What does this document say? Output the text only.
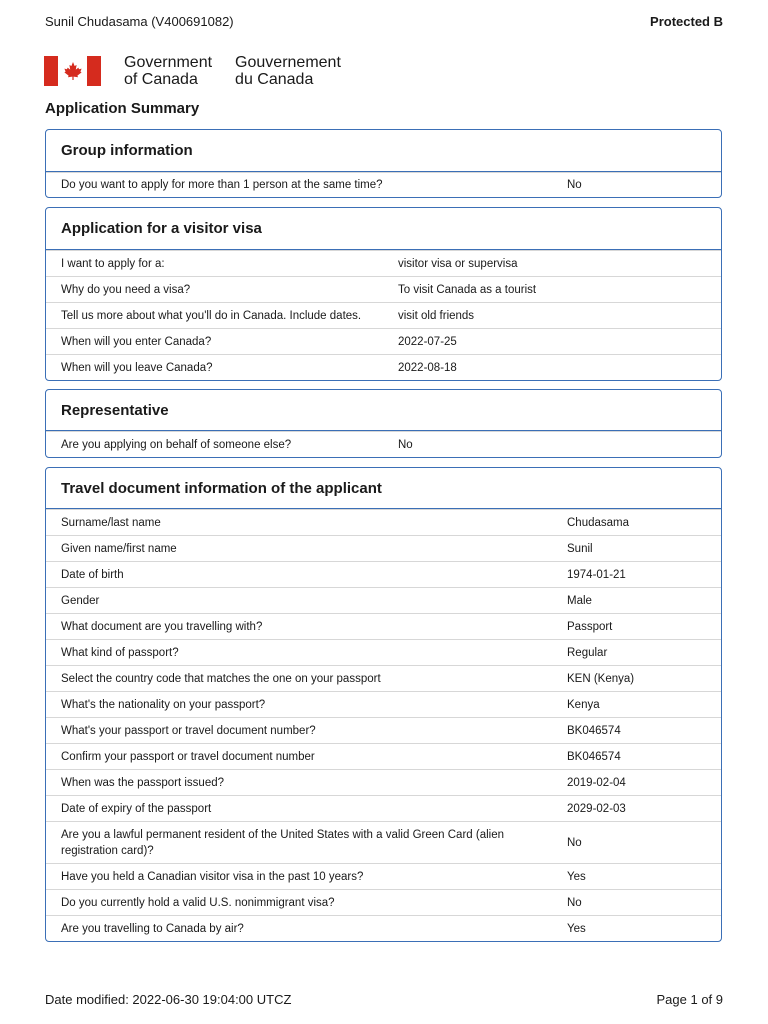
Sunil Chudasama (V400691082)	Protected B
Government
of Canada
Gouvernement
du Canada
Application Summary
Group information
Do you want to apply for more than 1 person at the same time?	No
Application for a visitor visa
I want to apply for a:	visitor visa or supervisa
Why do you need a visa?	To visit Canada as a tourist
Tell us more about what you'll do in Canada. Include dates.	visit old friends
When will you enter Canada?	2022-07-25
When will you leave Canada?	2022-08-18
Representative
Are you applying on behalf of someone else?	No
Travel document information of the applicant
Surname/last name	Chudasama
Given name/first name	Sunil
Date of birth	1974-01-21
Gender	Male
What document are you travelling with?	Passport
What kind of passport?	Regular
Select the country code that matches the one on your passport	KEN (Kenya)
What's the nationality on your passport?	Kenya
What's your passport or travel document number?	BK046574
Confirm your passport or travel document number	BK046574
When was the passport issued?	2019-02-04
Date of expiry of the passport	2029-02-03
Are you a lawful permanent resident of the United States with a valid Green Card (alien registration card)?
No
Have you held a Canadian visitor visa in the past 10 years?	Yes
Do you currently hold a valid U.S. nonimmigrant visa?	No
Are you travelling to Canada by air?	Yes
Date modified: 2022-06-30 19:04:00 UTCZ	Page 1 of 9
